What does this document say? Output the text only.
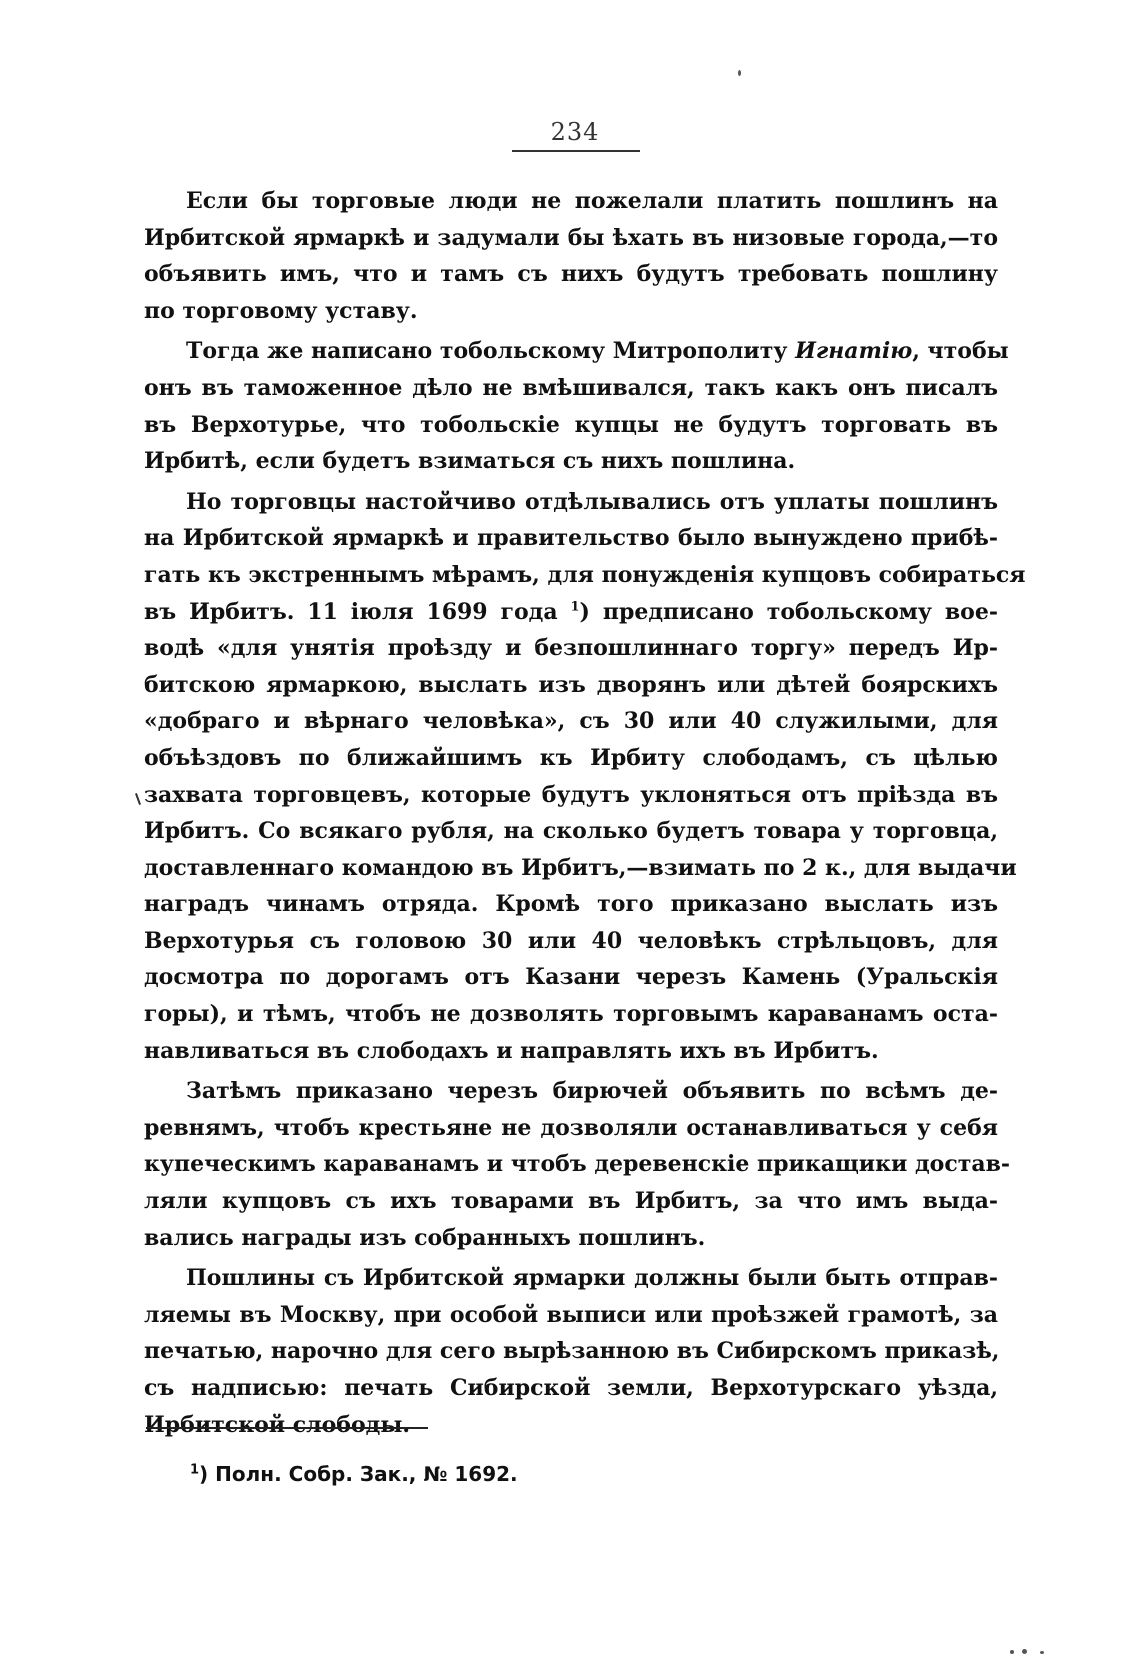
234

Если бы торговые люди не пожелали платить пошлинъ на
Ирбитской ярмаркѣ и задумали бы ѣхать въ низовые города,—то
объявить имъ, что и тамъ съ нихъ будутъ требовать пошлину
по торговому уставу.

Тогда же написано тобольскому Митрополиту Игнатію, чтобы
онъ въ таможенное дѣло не вмѣшивался, такъ какъ онъ писалъ
въ Верхотурье, что тобольскіе купцы не будутъ торговать въ
Ирбитѣ, если будетъ взиматься съ нихъ пошлина.

Но торговцы настойчиво отдѣлывались отъ уплаты пошлинъ
на Ирбитской ярмаркѣ и правительство было вынуждено прибѣ-
гать къ экстреннымъ мѣрамъ, для понужденія купцовъ собираться
въ Ирбитъ. 11 іюля 1699 года $^1$) предписано тобольскому вое-
водѣ «для унятія проѣзду и безпошлиннаго торгу» передъ Ир-
битскою ярмаркою, выслать изъ дворянъ или дѣтей боярскихъ
«добраго и вѣрнаго человѣка», съ 30 или 40 служилыми, для
объѣздовъ по ближайшимъ къ Ирбиту слободамъ, съ цѣлью
захвата торговцевъ, которые будутъ уклоняться отъ пріѣзда въ
Ирбитъ. Со всякаго рубля, на сколько будетъ товара у торговца,
доставленнаго командою въ Ирбитъ,—взимать по 2 к., для выдачи
наградъ чинамъ отряда. Кромѣ того приказано выслать изъ
Верхотурья съ головою 30 или 40 человѣкъ стрѣльцовъ, для
досмотра по дорогамъ отъ Казани черезъ Камень (Уральскія
горы), и тѣмъ, чтобъ не дозволять торговымъ караванамъ оста-
навливаться въ слободахъ и направлять ихъ въ Ирбитъ.

Затѣмъ приказано черезъ бирючей объявить по всѣмъ де-
ревнямъ, чтобъ крестьяне не дозволяли останавливаться у себя
купеческимъ караванамъ и чтобъ деревенскіе прикащики достав-
ляли купцовъ съ ихъ товарами въ Ирбитъ, за что имъ выда-
вались награды изъ собранныхъ пошлинъ.

Пошлины съ Ирбитской ярмарки должны были быть отправ-
ляемы въ Москву, при особой выписи или проѣзжей грамотѣ, за
печатью, нарочно для сего вырѣзанною въ Сибирскомъ приказѣ,
съ надписью: печать Сибирской земли, Верхотурскаго уѣзда,
Ирбитской слободы.

$^1$) Полн. Собр. Зак., № 1692.
